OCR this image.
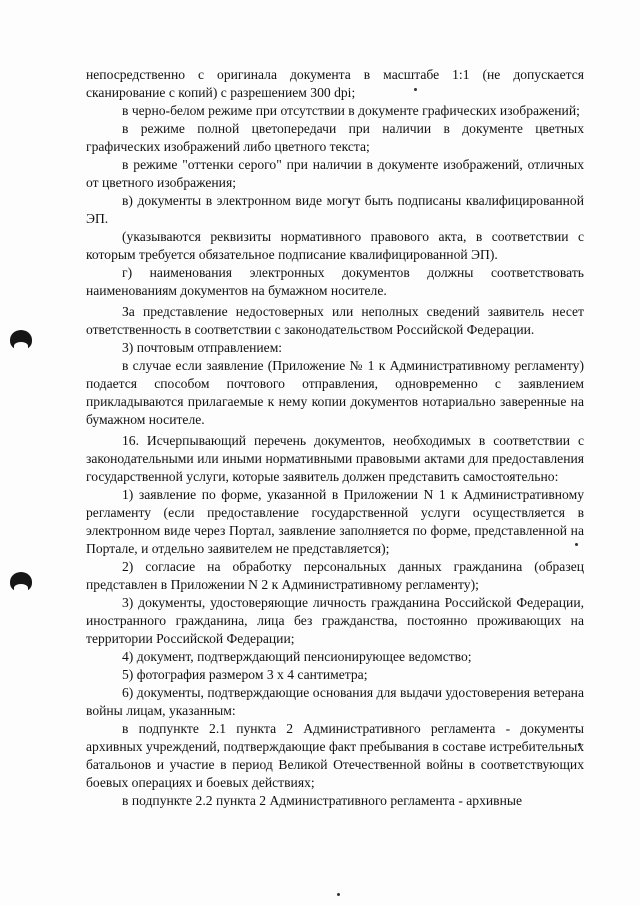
непосредственно с оригинала документа в масштабе 1:1 (не допускается сканирование с копий) с разрешением 300 dpi;

в черно-белом режиме при отсутствии в документе графических изображений;

в режиме полной цветопередачи при наличии в документе цветных графических изображений либо цветного текста;

в режиме "оттенки серого" при наличии в документе изображений, отличных от цветного изображения;

в) документы в электронном виде могут быть подписаны квалифицированной ЭП.

(указываются реквизиты нормативного правового акта, в соответствии с которым требуется обязательное подписание квалифицированной ЭП).

г) наименования электронных документов должны соответствовать наименованиям документов на бумажном носителе.

За представление недостоверных или неполных сведений заявитель несет ответственность в соответствии с законодательством Российской Федерации.

3) почтовым отправлением:

в случае если заявление (Приложение № 1 к Административному регламенту) подается способом почтового отправления, одновременно с заявлением прикладываются прилагаемые к нему копии документов нотариально заверенные на бумажном носителе.

16. Исчерпывающий перечень документов, необходимых в соответствии с законодательными или иными нормативными правовыми актами для предоставления государственной услуги, которые заявитель должен представить самостоятельно:

1) заявление по форме, указанной в Приложении N 1 к Административному регламенту (если предоставление государственной услуги осуществляется в электронном виде через Портал, заявление заполняется по форме, представленной на Портале, и отдельно заявителем не представляется);

2) согласие на обработку персональных данных гражданина (образец представлен в Приложении N 2 к Административному регламенту);

3) документы, удостоверяющие личность гражданина Российской Федерации, иностранного гражданина, лица без гражданства, постоянно проживающих на территории Российской Федерации;

4) документ, подтверждающий пенсионирующее ведомство;

5) фотография размером 3 х 4 сантиметра;

6) документы, подтверждающие основания для выдачи удостоверения ветерана войны лицам, указанным:

в подпункте 2.1 пункта 2 Административного регламента - документы архивных учреждений, подтверждающие факт пребывания в составе истребительных батальонов и участие в период Великой Отечественной войны в соответствующих боевых операциях и боевых действиях;

в подпункте 2.2 пункта 2 Административного регламента - архивные
